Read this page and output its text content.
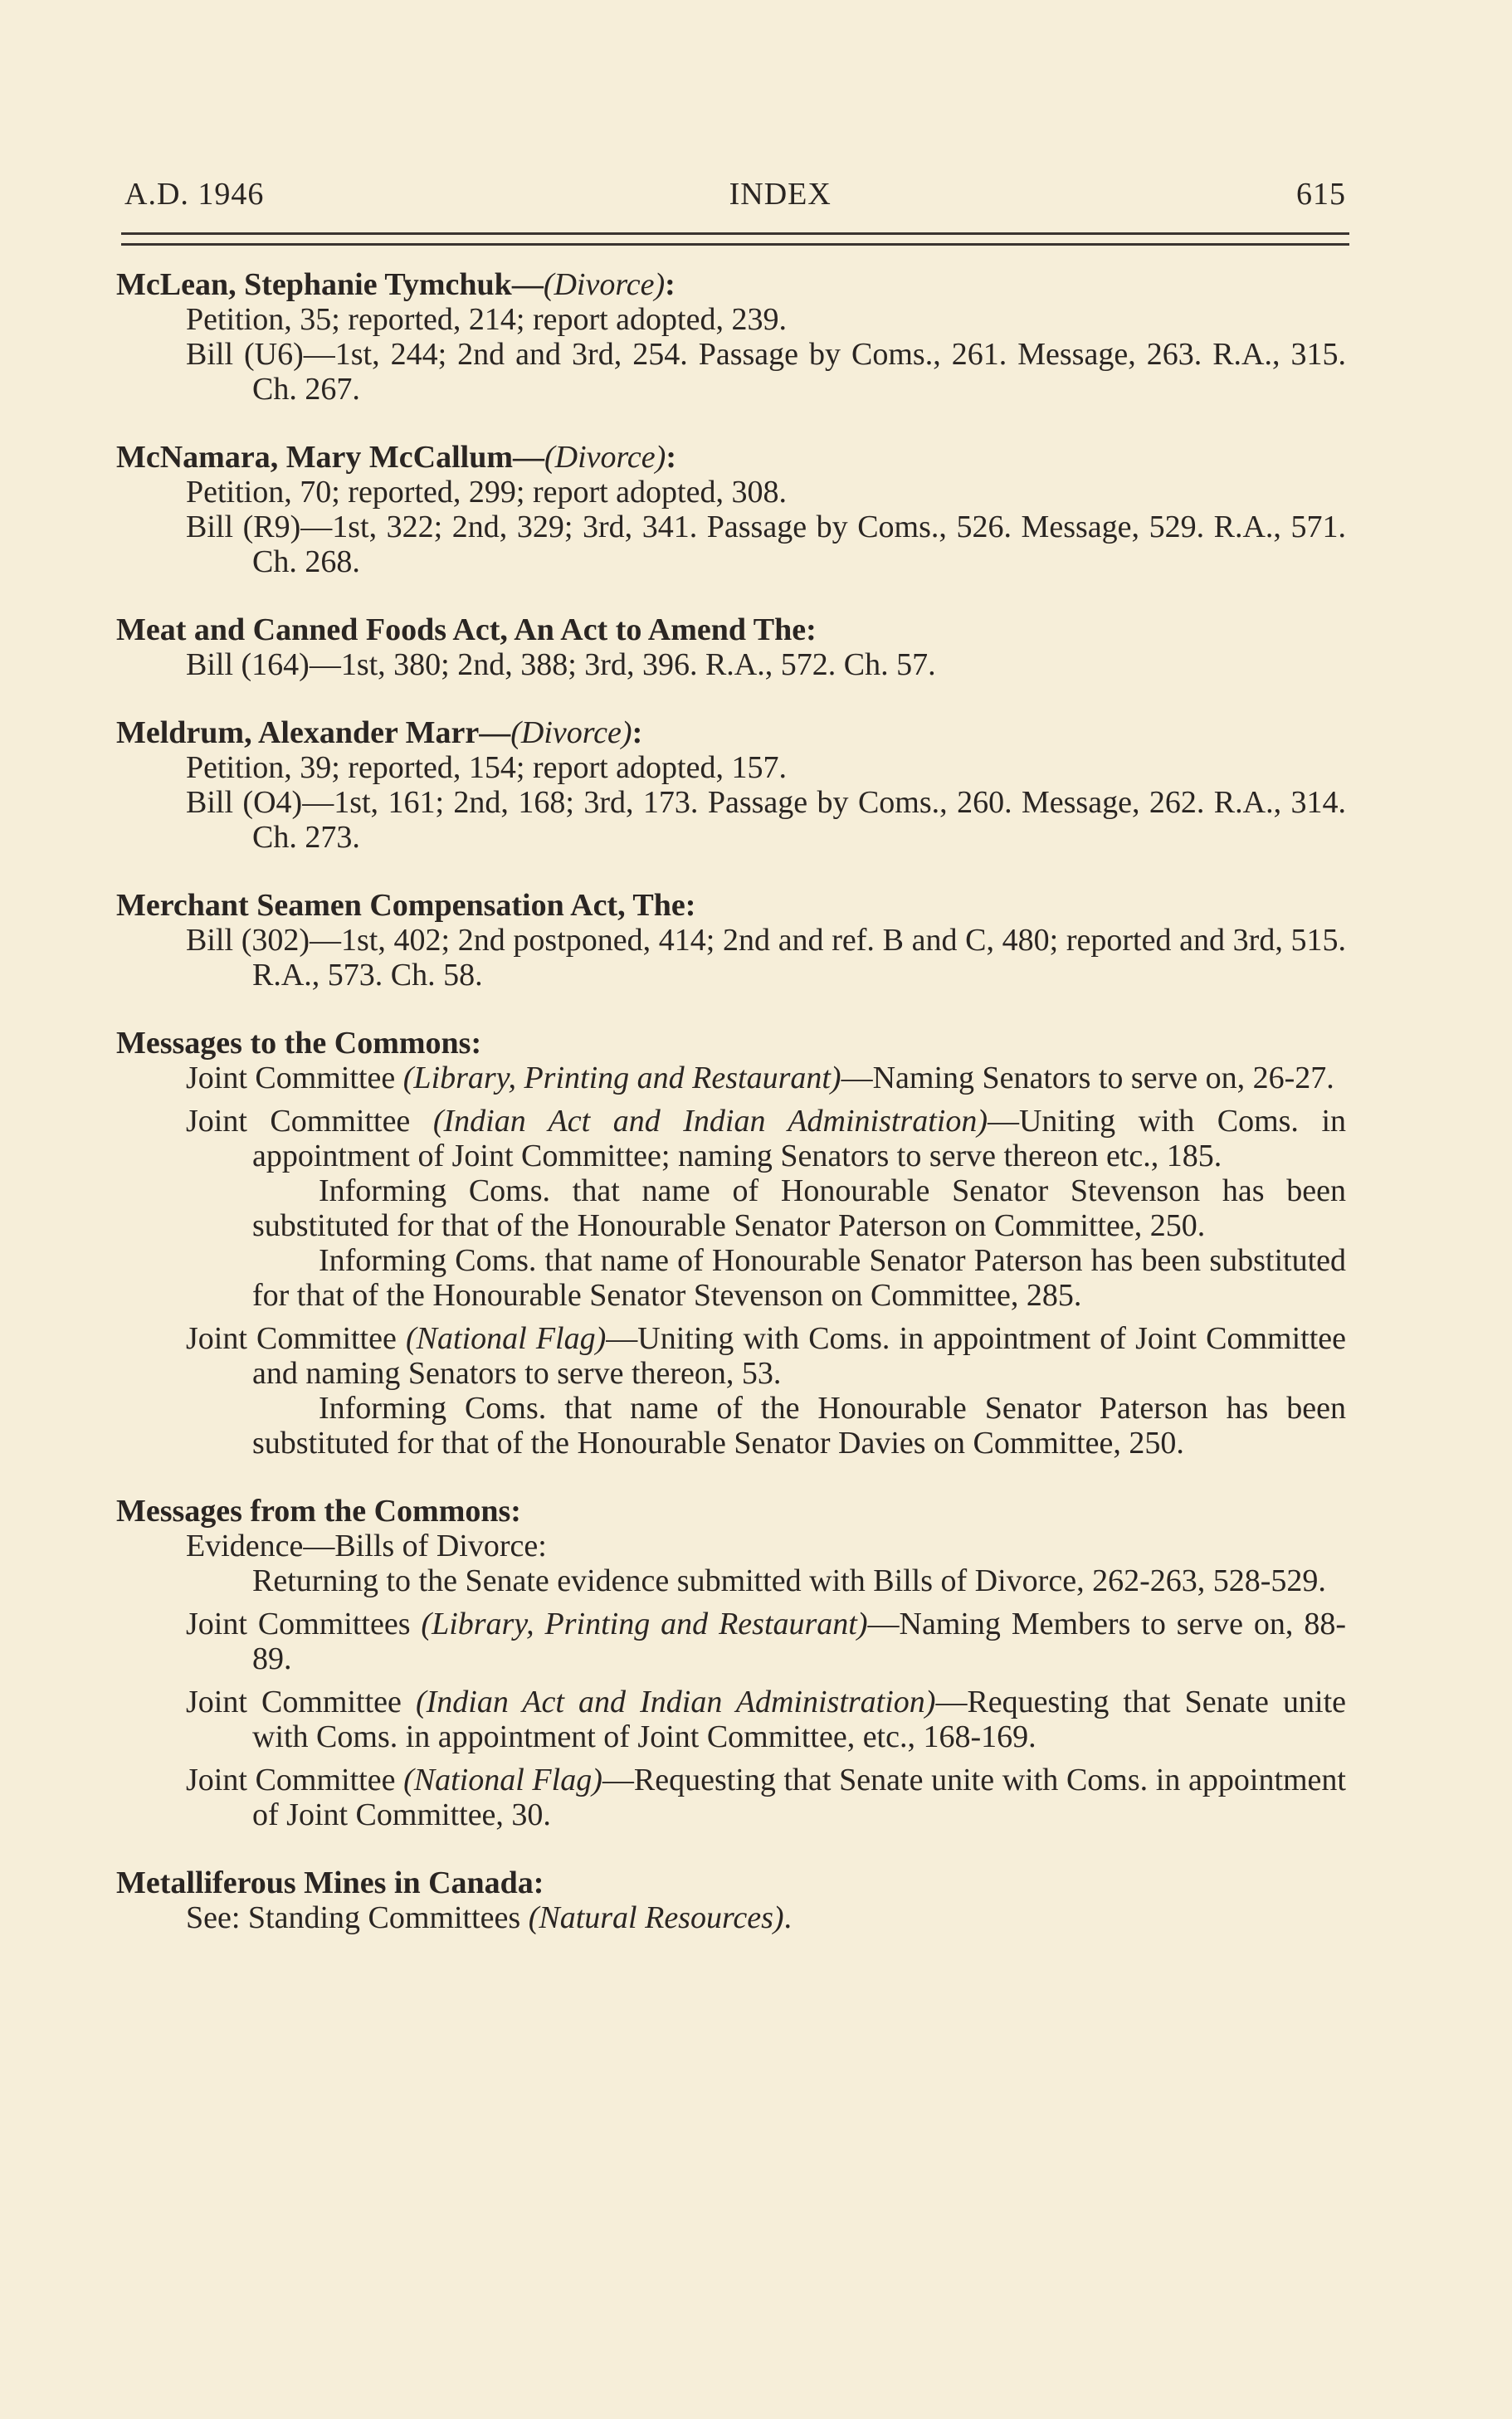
A.D. 1946	INDEX	615
McLean, Stephanie Tymchuk—(Divorce):
Petition, 35; reported, 214; report adopted, 239.
Bill (U6)—1st, 244; 2nd and 3rd, 254. Passage by Coms., 261. Message, 263. R.A., 315. Ch. 267.
McNamara, Mary McCallum—(Divorce):
Petition, 70; reported, 299; report adopted, 308.
Bill (R9)—1st, 322; 2nd, 329; 3rd, 341. Passage by Coms., 526. Message, 529. R.A., 571. Ch. 268.
Meat and Canned Foods Act, An Act to Amend The:
Bill (164)—1st, 380; 2nd, 388; 3rd, 396. R.A., 572. Ch. 57.
Meldrum, Alexander Marr—(Divorce):
Petition, 39; reported, 154; report adopted, 157.
Bill (O4)—1st, 161; 2nd, 168; 3rd, 173. Passage by Coms., 260. Message, 262. R.A., 314. Ch. 273.
Merchant Seamen Compensation Act, The:
Bill (302)—1st, 402; 2nd postponed, 414; 2nd and ref. B and C, 480; reported and 3rd, 515. R.A., 573. Ch. 58.
Messages to the Commons:
Joint Committee (Library, Printing and Restaurant)—Naming Senators to serve on, 26-27.
Joint Committee (Indian Act and Indian Administration)—Uniting with Coms. in appointment of Joint Committee; naming Senators to serve thereon etc., 185.
Informing Coms. that name of Honourable Senator Stevenson has been substituted for that of the Honourable Senator Paterson on Committee, 250.
Informing Coms. that name of Honourable Senator Paterson has been substituted for that of the Honourable Senator Stevenson on Committee, 285.
Joint Committee (National Flag)—Uniting with Coms. in appointment of Joint Committee and naming Senators to serve thereon, 53.
Informing Coms. that name of the Honourable Senator Paterson has been substituted for that of the Honourable Senator Davies on Committee, 250.
Messages from the Commons:
Evidence—Bills of Divorce:
Returning to the Senate evidence submitted with Bills of Divorce, 262-263, 528-529.
Joint Committees (Library, Printing and Restaurant)—Naming Members to serve on, 88-89.
Joint Committee (Indian Act and Indian Administration)—Requesting that Senate unite with Coms. in appointment of Joint Committee, etc., 168-169.
Joint Committee (National Flag)—Requesting that Senate unite with Coms. in appointment of Joint Committee, 30.
Metalliferous Mines in Canada:
See: Standing Committees (Natural Resources).
